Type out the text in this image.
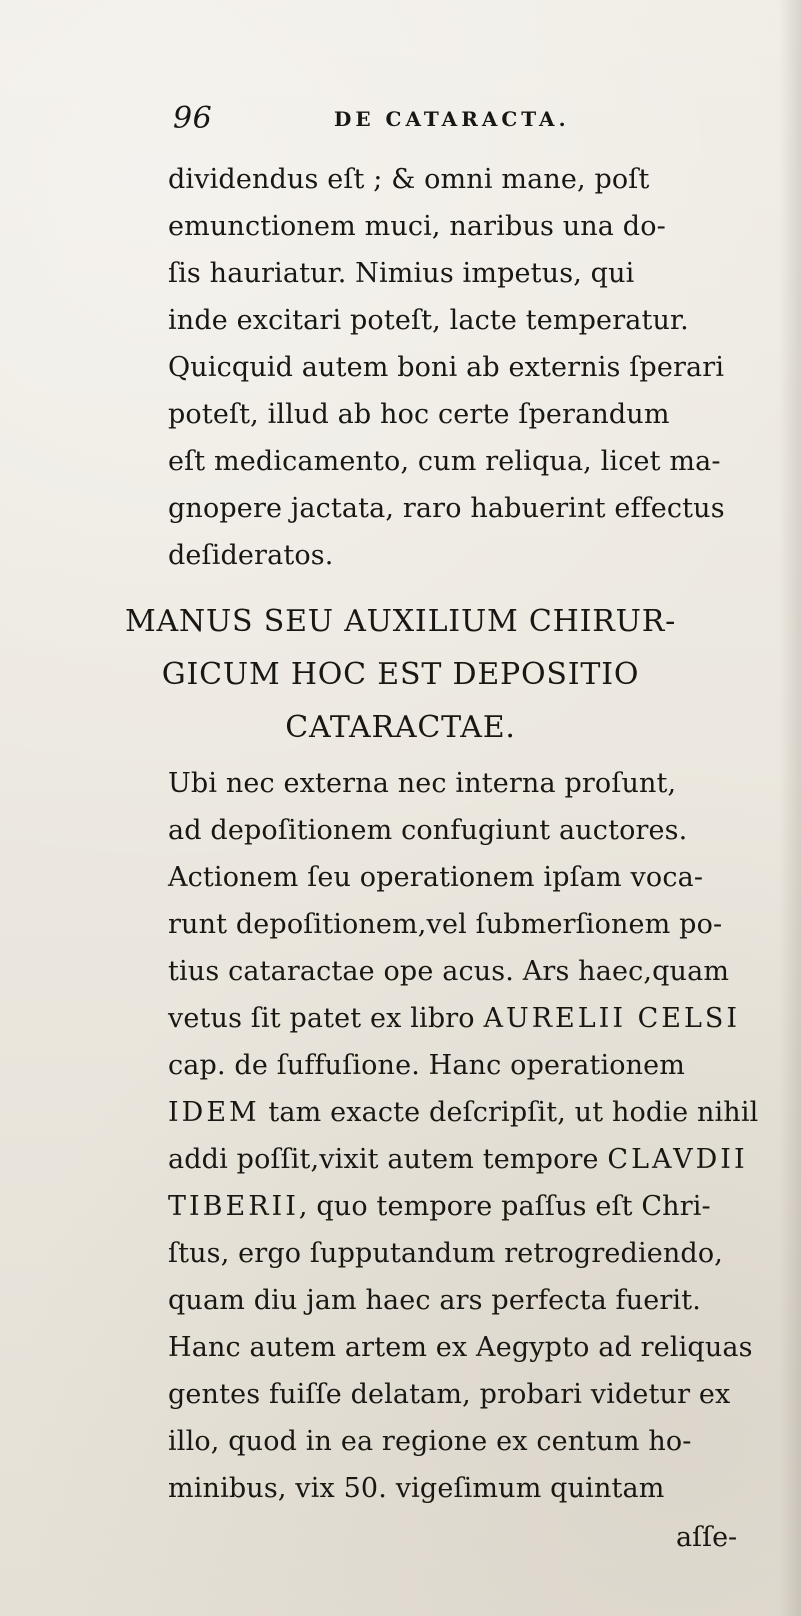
96	DE CATARACTA.
dividendus eſt ; & omni mane, poſt
emunctionem muci, naribus una do-
ſis hauriatur. Nimius impetus, qui
inde excitari poteſt, lacte temperatur.
Quicquid autem boni ab externis ſperari
poteſt, illud ab hoc certe ſperandum
eſt medicamento, cum reliqua, licet ma-
gnopere jactata, raro habuerint effectus
deſideratos.
MANUS SEU AUXILIUM CHIRUR-
GICUM HOC EST DEPOSITIO
CATARACTAE.
Ubi nec externa nec interna proſunt,
ad depoſitionem confugiunt auctores.
Actionem ſeu operationem ipſam voca-
runt depoſitionem,vel ſubmerſionem po-
tius cataractae ope acus. Ars haec,quam
vetus ſit patet ex libro AURELII CELSI
cap. de ſuffuſione. Hanc operationem
IDEM tam exacte deſcripſit, ut hodie nihil
addi poſſit,vixit autem tempore CLAVDII
TIBERII, quo tempore paſſus eſt Chri-
ſtus, ergo ſupputandum retrogrediendo,
quam diu jam haec ars perfecta fuerit.
Hanc autem artem ex Aegypto ad reliquas
gentes fuiſſe delatam, probari videtur ex
illo, quod in ea regione ex centum ho-
minibus, vix 50. vigeſimum quintam
aſſe-
